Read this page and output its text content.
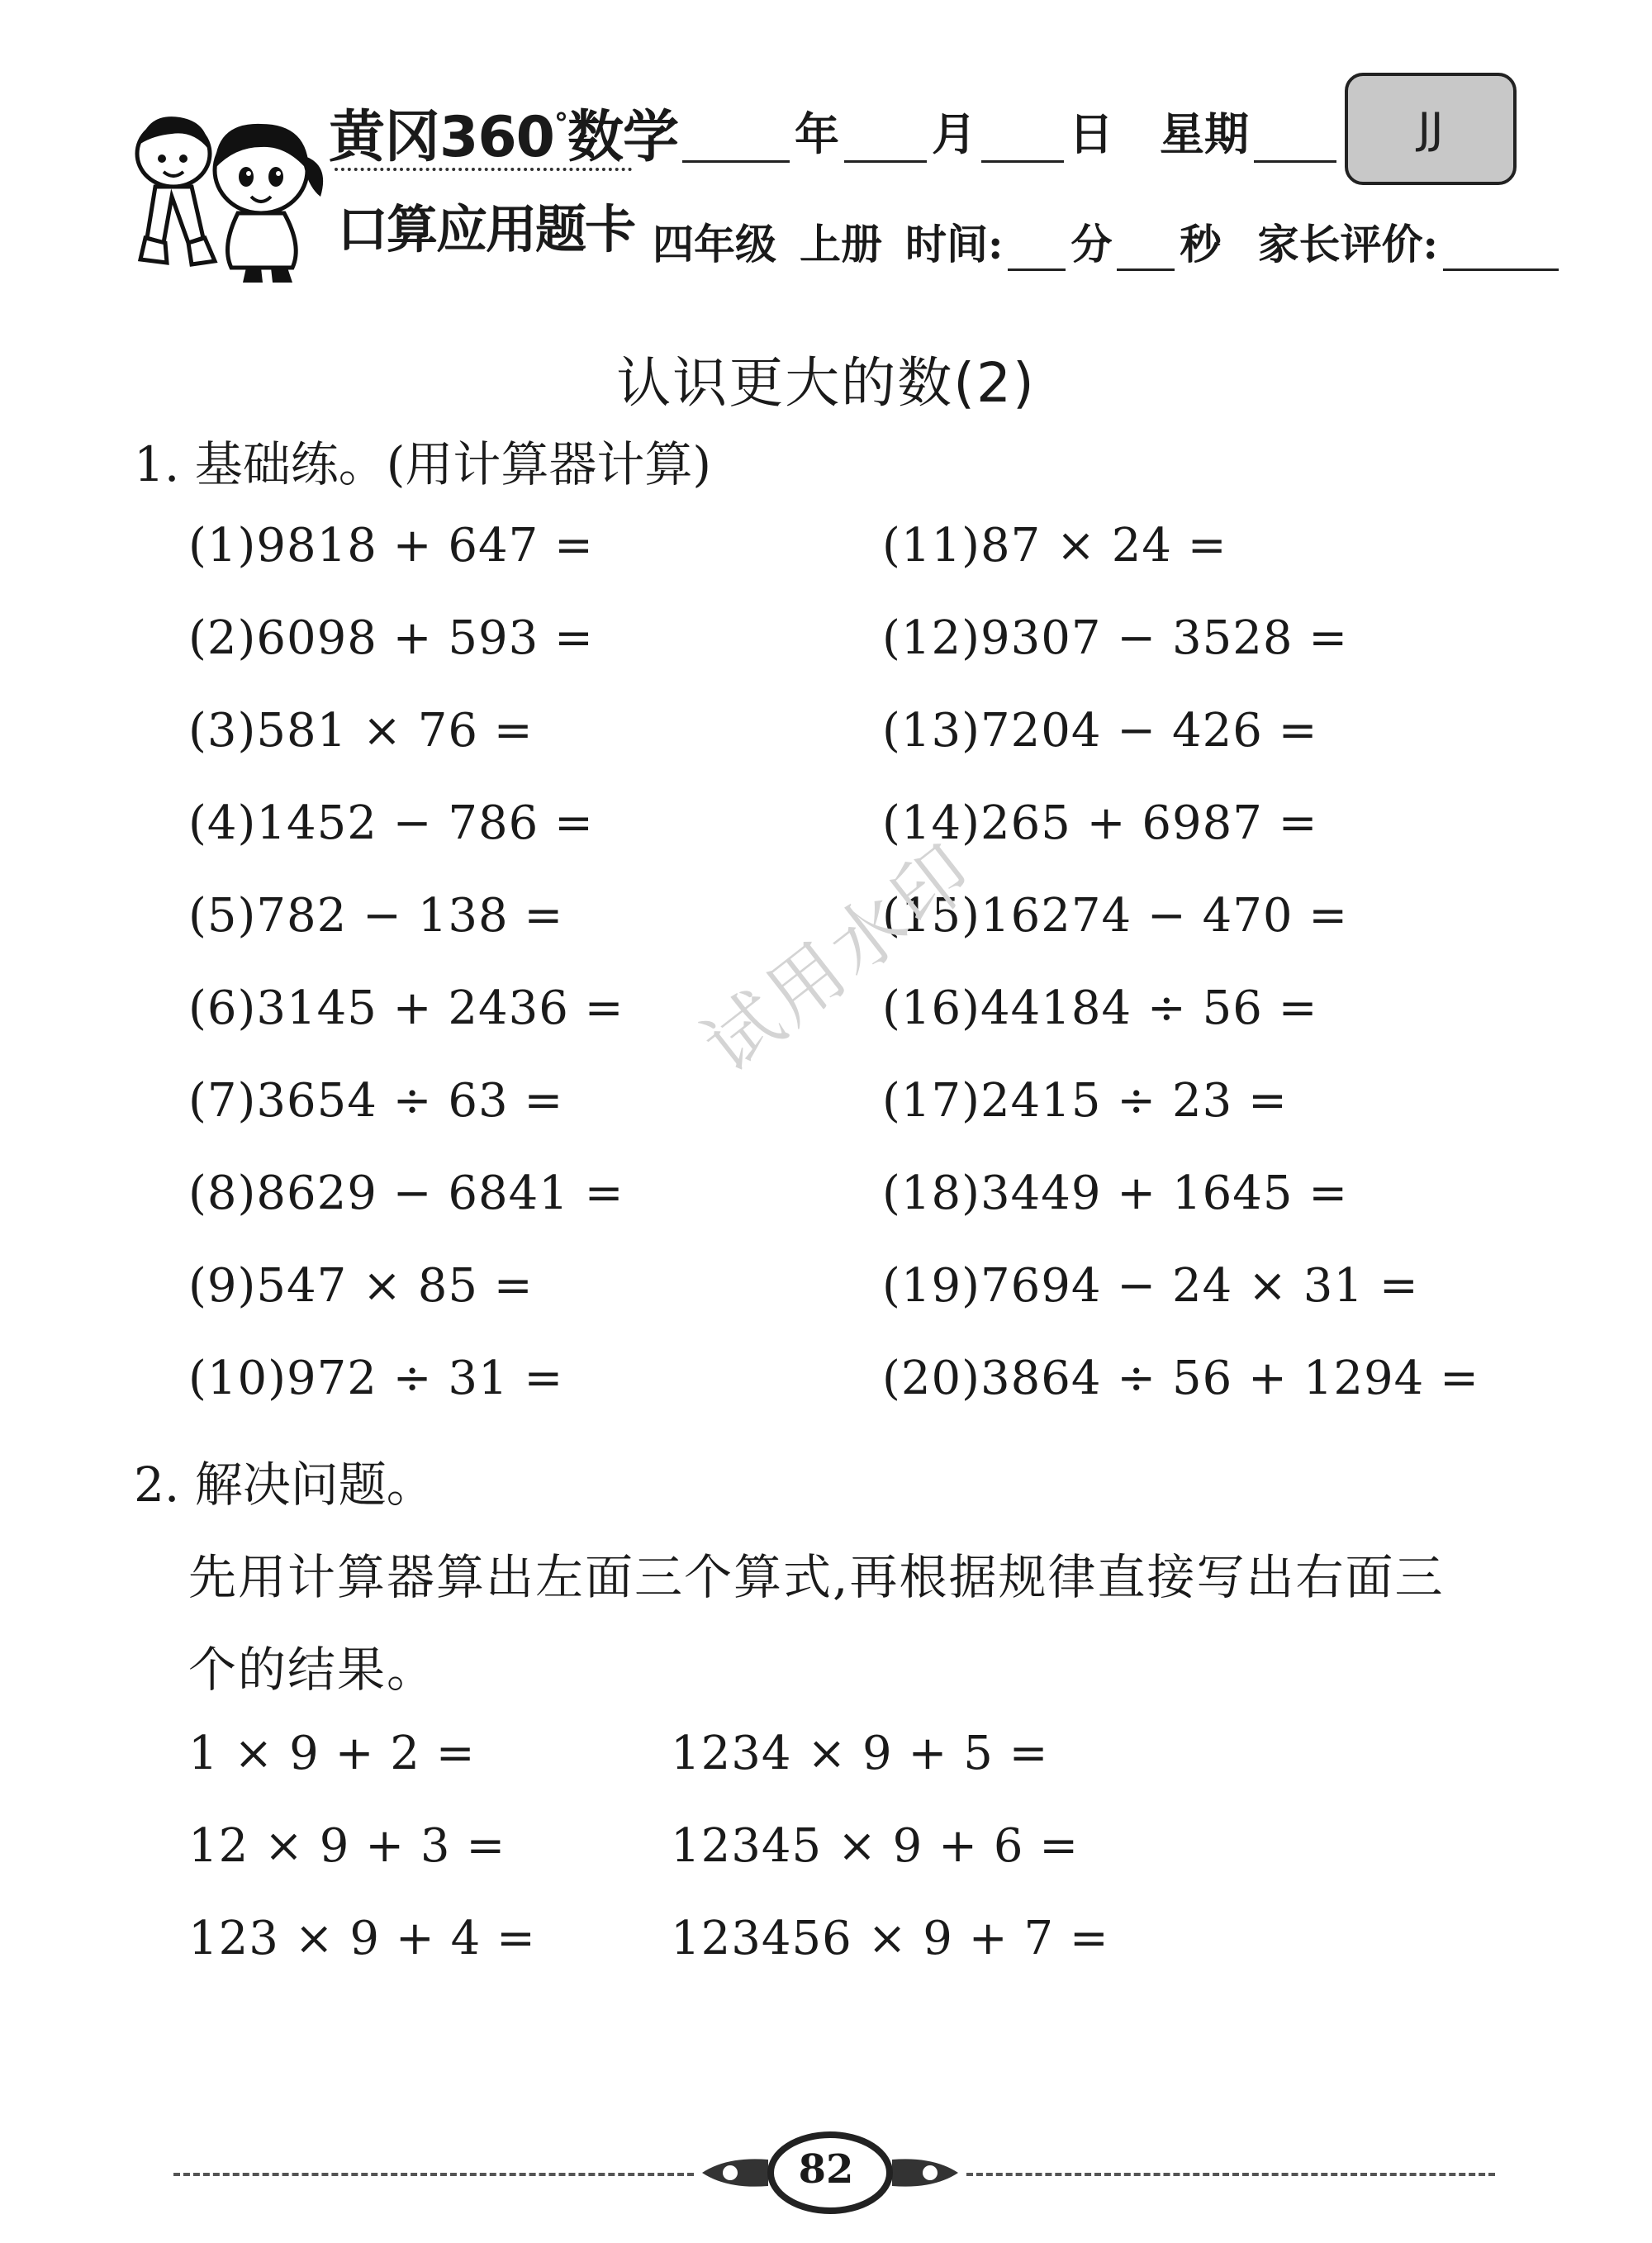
黄冈360°数学
口算应用题卡
年 月 日 星期	JJ
四年级 上册 时间: 分 秒 家长评价:
认识更大的数(2)
1. 基础练。(用计算器计算)
(1)9818 + 647 =
(2)6098 + 593 =
(3)581 × 76 =
(4)1452 − 786 =
(5)782 − 138 =
(6)3145 + 2436 =
(7)3654 ÷ 63 =
(8)8629 − 6841 =
(9)547 × 85 =
(10)972 ÷ 31 =
(11)87 × 24 =
(12)9307 − 3528 =
(13)7204 − 426 =
(14)265 + 6987 =
(15)16274 − 470 =
(16)44184 ÷ 56 =
(17)2415 ÷ 23 =
(18)3449 + 1645 =
(19)7694 − 24 × 31 =
(20)3864 ÷ 56 + 1294 =
试用水印
2. 解决问题。
先用计算器算出左面三个算式,再根据规律直接写出右面三
个的结果。
1 × 9 + 2 =
12 × 9 + 3 =
123 × 9 + 4 =
1234 × 9 + 5 =
12345 × 9 + 6 =
123456 × 9 + 7 =
82
